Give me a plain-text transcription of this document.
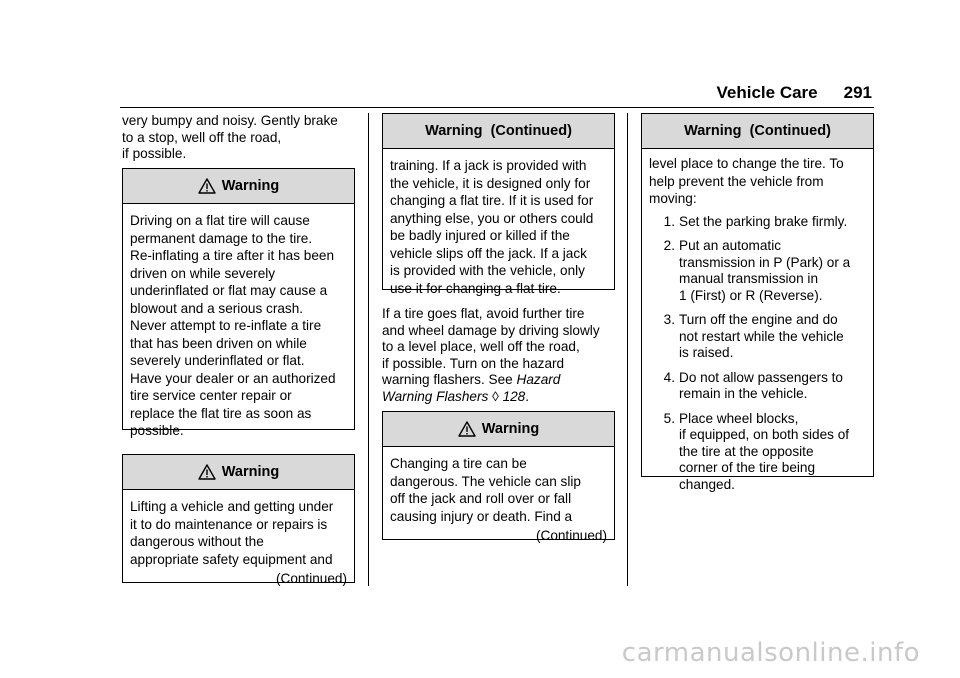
Vehicle Care 291

very bumpy and noisy. Gently brake
to a stop, well off the road,
if possible.

Warning
Driving on a flat tire will cause
permanent damage to the tire.
Re-inflating a tire after it has been
driven on while severely
underinflated or flat may cause a
blowout and a serious crash.
Never attempt to re-inflate a tire
that has been driven on while
severely underinflated or flat.
Have your dealer or an authorized
tire service center repair or
replace the flat tire as soon as
possible.
Warning
Lifting a vehicle and getting under
it to do maintenance or repairs is
dangerous without the
appropriate safety equipment and
(Continued)
Warning  (Continued)
training. If a jack is provided with
the vehicle, it is designed only for
changing a flat tire. If it is used for
anything else, you or others could
be badly injured or killed if the
vehicle slips off the jack. If a jack
is provided with the vehicle, only
use it for changing a flat tire.
If a tire goes flat, avoid further tire
and wheel damage by driving slowly
to a level place, well off the road,
if possible. Turn on the hazard
warning flashers. See Hazard
Warning Flashers ◊ 128.
Warning
Changing a tire can be
dangerous. The vehicle can slip
off the jack and roll over or fall
causing injury or death. Find a
(Continued)
Warning  (Continued)
level place to change the tire. To
help prevent the vehicle from
moving:
1. Set the parking brake firmly.
2. Put an automatic
transmission in P (Park) or a
manual transmission in
1 (First) or R (Reverse).
3. Turn off the engine and do
not restart while the vehicle
is raised.
4. Do not allow passengers to
remain in the vehicle.
5. Place wheel blocks,
if equipped, on both sides of
the tire at the opposite
corner of the tire being
changed.
carmanualsonline.info
